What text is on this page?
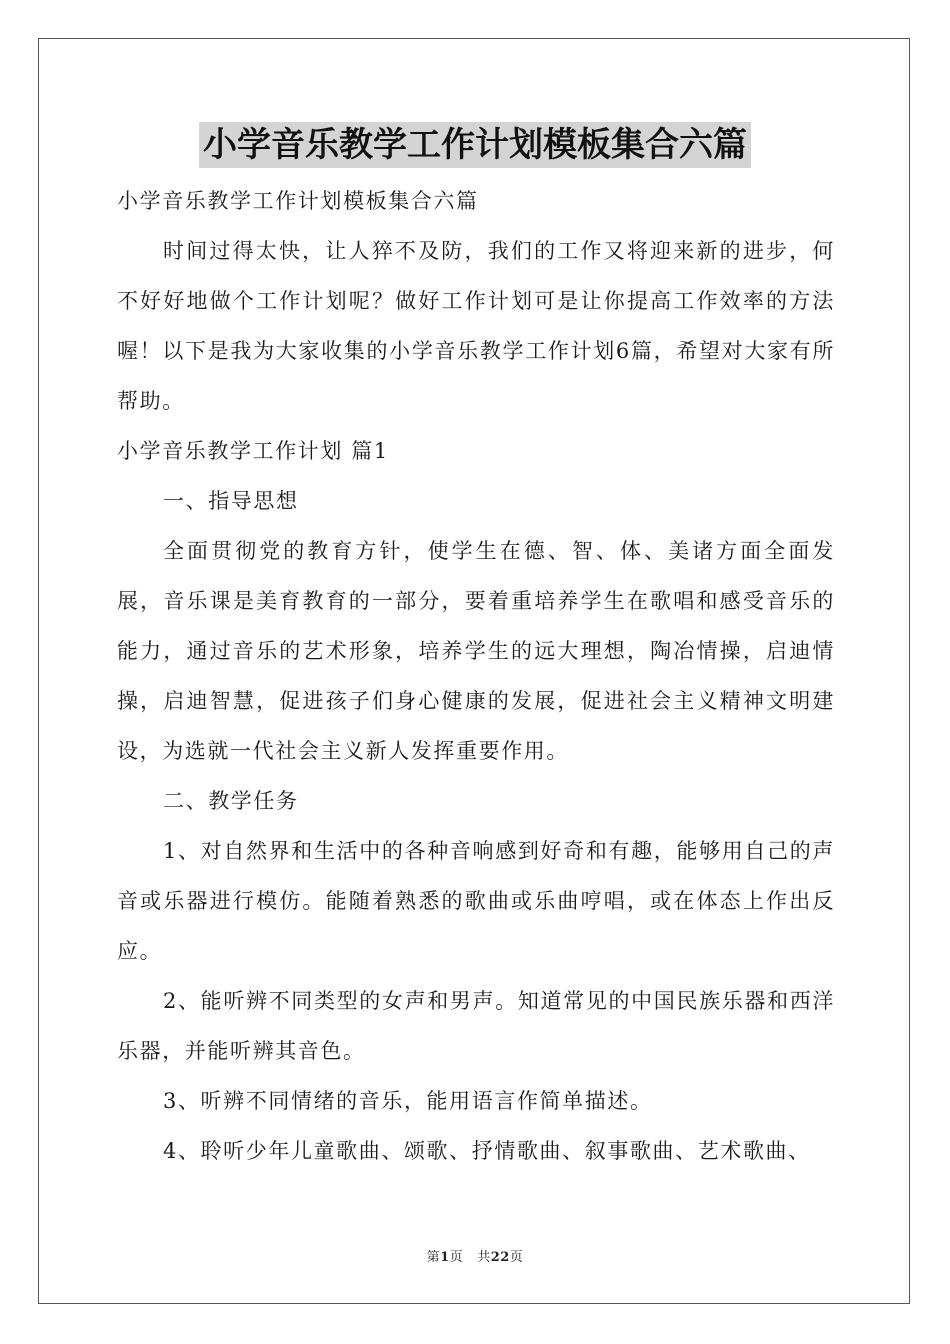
小学音乐教学工作计划模板集合六篇

小学音乐教学工作计划模板集合六篇

时间过得太快，让人猝不及防，我们的工作又将迎来新的进步，何不好好地做个工作计划呢？做好工作计划可是让你提高工作效率的方法喔！以下是我为大家收集的小学音乐教学工作计划6篇，希望对大家有所帮助。

小学音乐教学工作计划 篇1

一、指导思想

全面贯彻党的教育方针，使学生在德、智、体、美诸方面全面发展，音乐课是美育教育的一部分，要着重培养学生在歌唱和感受音乐的能力，通过音乐的艺术形象，培养学生的远大理想，陶冶情操，启迪情操，启迪智慧，促进孩子们身心健康的发展，促进社会主义精神文明建设，为选就一代社会主义新人发挥重要作用。

二、教学任务

1、对自然界和生活中的各种音响感到好奇和有趣，能够用自己的声音或乐器进行模仿。能随着熟悉的歌曲或乐曲哼唱，或在体态上作出反应。

2、能听辨不同类型的女声和男声。知道常见的中国民族乐器和西洋乐器，并能听辨其音色。

3、听辨不同情绪的音乐，能用语言作简单描述。

4、聆听少年儿童歌曲、颂歌、抒情歌曲、叙事歌曲、艺术歌曲、

第1页 共22页
